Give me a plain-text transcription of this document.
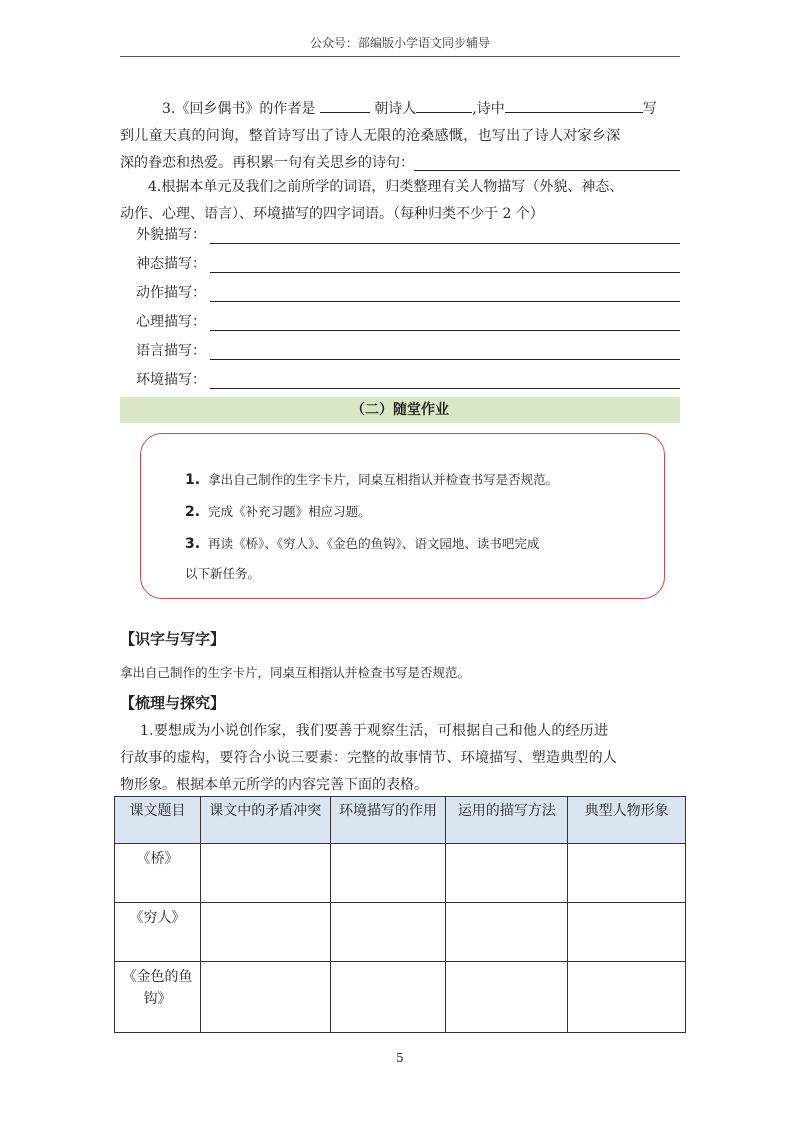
公众号：部编版小学语文同步辅导
3.《回乡偶书》的作者是	朝诗人	,诗中	写
到儿童天真的问询，整首诗写出了诗人无限的沧桑感慨，也写出了诗人对家乡深
深的眷恋和热爱。再积累一句有关思乡的诗句：
4.根据本单元及我们之前所学的词语，归类整理有关人物描写（外貌、神态、
动作、心理、语言）、环境描写的四字词语。（每种归类不少于 2 个）
外貌描写：
神态描写：
动作描写：
心理描写：
语言描写：
环境描写：
（二）随堂作业
1. 拿出自己制作的生字卡片，同桌互相指认并检查书写是否规范。
2. 完成《补充习题》相应习题。
3. 再读《桥》、《穷人》、《金色的鱼钩》、语文园地、读书吧完成
以下新任务。
【识字与写字】
拿出自己制作的生字卡片，同桌互相指认并检查书写是否规范。
【梳理与探究】
1.要想成为小说创作家，我们要善于观察生活，可根据自己和他人的经历进
行故事的虚构，要符合小说三要素：完整的故事情节、环境描写、塑造典型的人
物形象。根据本单元所学的内容完善下面的表格。
课文题目	课文中的矛盾冲突	环境描写的作用	运用的描写方法	典型人物形象
《桥》				
《穷人》				
《金色的鱼钩》				
5
